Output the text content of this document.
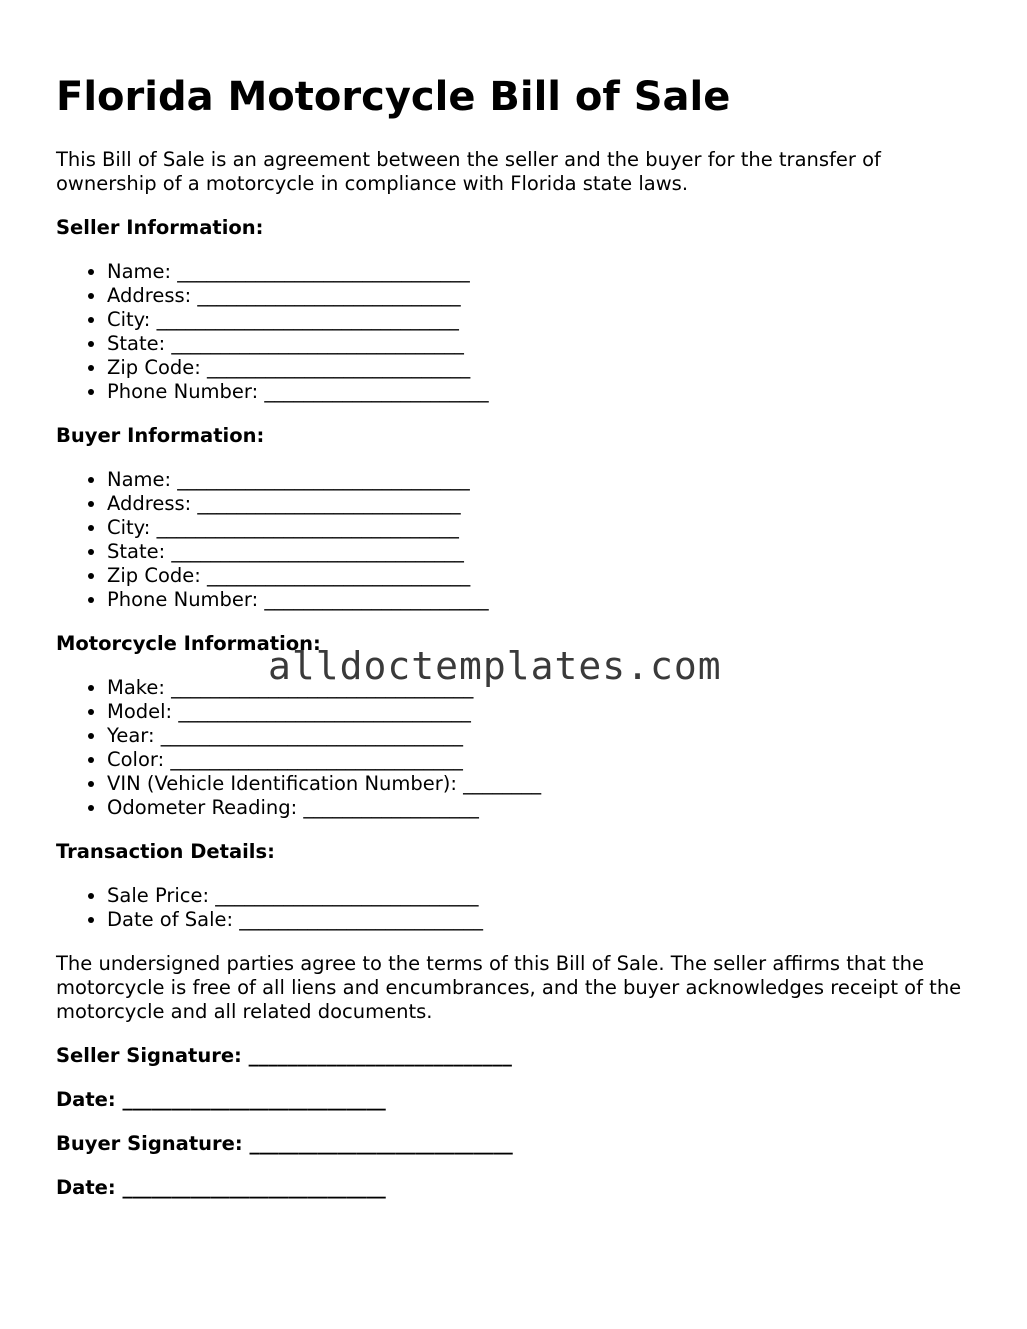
Florida Motorcycle Bill of Sale

This Bill of Sale is an agreement between the seller and the buyer for the transfer of ownership of a motorcycle in compliance with Florida state laws.

Seller Information:
• Name: ______________________________
• Address: ___________________________
• City: _______________________________
• State: ______________________________
• Zip Code: ___________________________
• Phone Number: _______________________
Buyer Information:
• Name: ______________________________
• Address: ___________________________
• City: _______________________________
• State: ______________________________
• Zip Code: ___________________________
• Phone Number: _______________________
Motorcycle Information:
• Make: _______________________________
• Model: ______________________________
• Year: _______________________________
• Color: ______________________________
• VIN (Vehicle Identification Number): ________
• Odometer Reading: __________________
Transaction Details:
• Sale Price: ___________________________
• Date of Sale: _________________________

The undersigned parties agree to the terms of this Bill of Sale. The seller affirms that the motorcycle is free of all liens and encumbrances, and the buyer acknowledges receipt of the motorcycle and all related documents.

Seller Signature: ___________________________

Date: ___________________________

Buyer Signature: ___________________________

Date: ___________________________

alldoctemplates.com
